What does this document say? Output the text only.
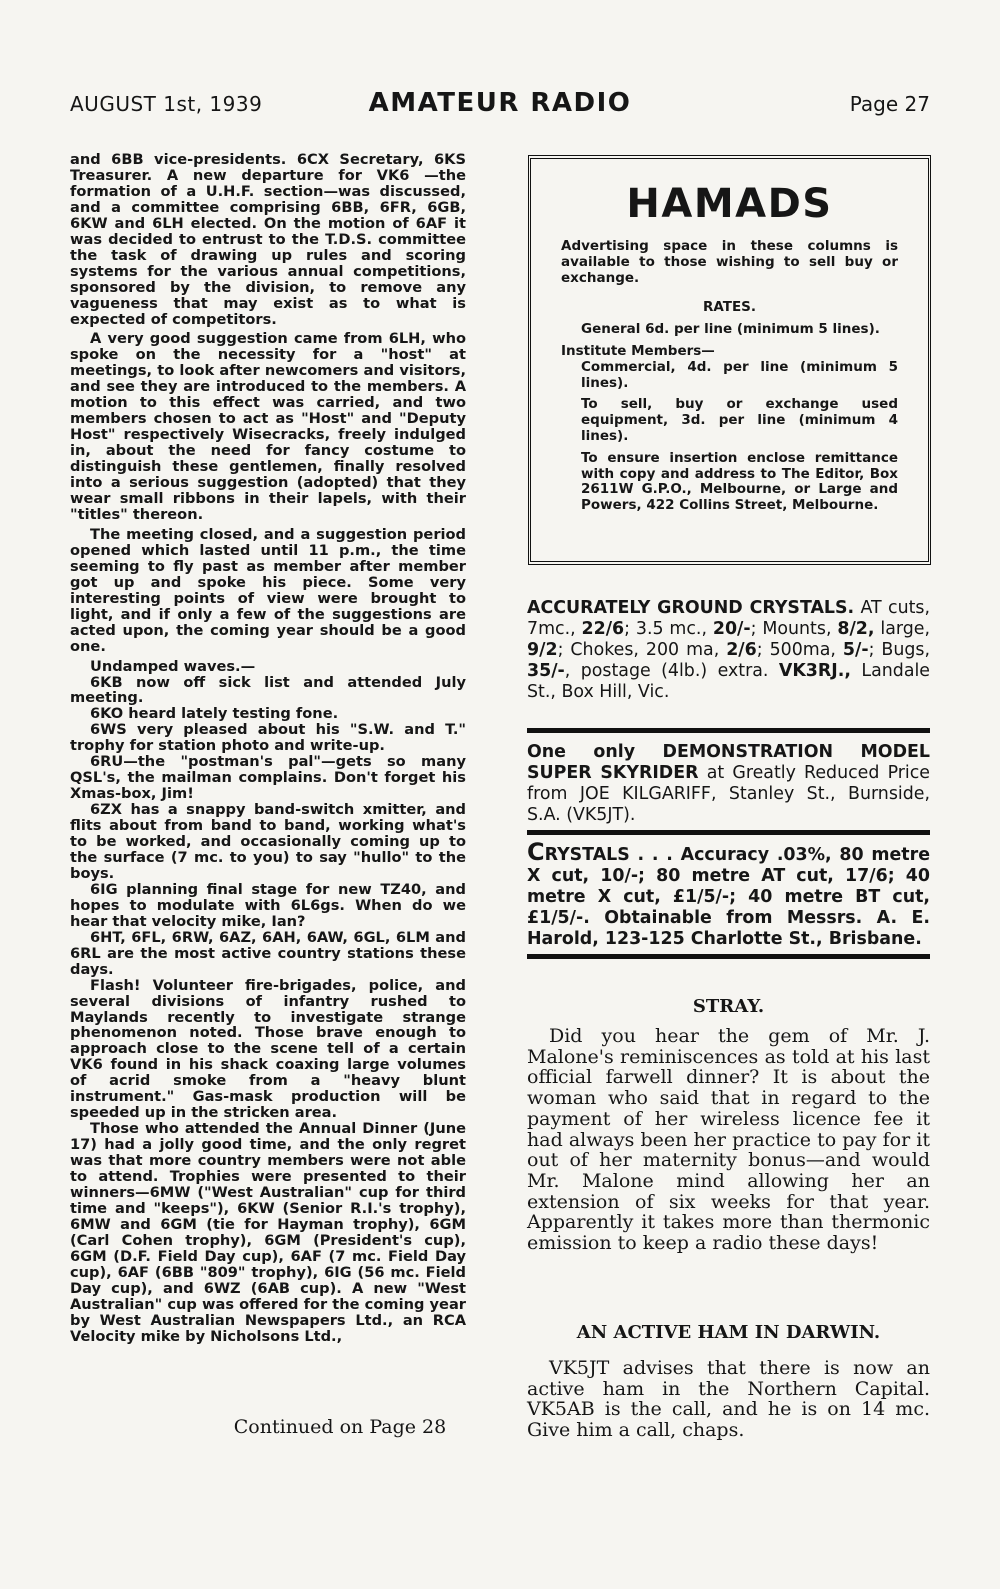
AUGUST 1st, 1939	AMATEUR RADIO	Page 27

and 6BB vice-presidents. 6CX Secretary, 6KS Treasurer. A new departure for VK6 —the formation of a U.H.F. section—was discussed, and a committee comprising 6BB, 6FR, 6GB, 6KW and 6LH elected. On the motion of 6AF it was decided to entrust to the T.D.S. committee the task of drawing up rules and scoring systems for the various annual competitions, sponsored by the division, to remove any vagueness that may exist as to what is expected of competitors.

A very good suggestion came from 6LH, who spoke on the necessity for a "host" at meetings, to look after newcomers and visitors, and see they are introduced to the members. A motion to this effect was carried, and two members chosen to act as "Host" and "Deputy Host" respectively Wisecracks, freely indulged in, about the need for fancy costume to distinguish these gentlemen, finally resolved into a serious suggestion (adopted) that they wear small ribbons in their lapels, with their "titles" thereon.

The meeting closed, and a suggestion period opened which lasted until 11 p.m., the time seeming to fly past as member after member got up and spoke his piece. Some very interesting points of view were brought to light, and if only a few of the suggestions are acted upon, the coming year should be a good one.

Undamped waves.—

6KB now off sick list and attended July meeting.

6KO heard lately testing fone.

6WS very pleased about his "S.W. and T." trophy for station photo and write-up.

6RU—the "postman's pal"—gets so many QSL's, the mailman complains. Don't forget his Xmas-box, Jim!

6ZX has a snappy band-switch xmitter, and flits about from band to band, working what's to be worked, and occasionally coming up to the surface (7 mc. to you) to say "hullo" to the boys.

6IG planning final stage for new TZ40, and hopes to modulate with 6L6gs. When do we hear that velocity mike, Ian?

6HT, 6FL, 6RW, 6AZ, 6AH, 6AW, 6GL, 6LM and 6RL are the most active country stations these days.

Flash! Volunteer fire-brigades, police, and several divisions of infantry rushed to Maylands recently to investigate strange phenomenon noted. Those brave enough to approach close to the scene tell of a certain VK6 found in his shack coaxing large volumes of acrid smoke from a "heavy blunt instrument." Gas-mask production will be speeded up in the stricken area.

Those who attended the Annual Dinner (June 17) had a jolly good time, and the only regret was that more country members were not able to attend. Trophies were presented to their winners—6MW ("West Australian" cup for third time and "keeps"), 6KW (Senior R.I.'s trophy), 6MW and 6GM (tie for Hayman trophy), 6GM (Carl Cohen trophy), 6GM (President's cup), 6GM (D.F. Field Day cup), 6AF (7 mc. Field Day cup), 6AF (6BB "809" trophy), 6IG (56 mc. Field Day cup), and 6WZ (6AB cup). A new "West Australian" cup was offered for the coming year by West Australian Newspapers Ltd., an RCA Velocity mike by Nicholsons Ltd.,

Continued on Page 28
HAMADS

Advertising space in these columns is available to those wishing to sell buy or exchange.

RATES.

General 6d. per line (minimum 5 lines).

Institute Members—

Commercial, 4d. per line (minimum 5 lines).

To sell, buy or exchange used equipment, 3d. per line (minimum 4 lines).

To ensure insertion enclose remittance with copy and address to The Editor, Box 2611W G.P.O., Melbourne, or Large and Powers, 422 Collins Street, Melbourne.

ACCURATELY GROUND CRYSTALS. AT cuts, 7mc., 22/6; 3.5 mc., 20/-; Mounts, 8/2, large, 9/2; Chokes, 200 ma, 2/6; 500ma, 5/-; Bugs, 35/-, postage (4lb.) extra. VK3RJ., Landale St., Box Hill, Vic.
One only DEMONSTRATION MODEL SUPER SKYRIDER at Greatly Reduced Price from JOE KILGARIFF, Stanley St., Burnside, S.A. (VK5JT).
CRYSTALS . . . Accuracy .03%, 80 metre X cut, 10/-; 80 metre AT cut, 17/6; 40 metre X cut, £1/5/-; 40 metre BT cut, £1/5/-. Obtainable from Messrs. A. E. Harold, 123-125 Charlotte St., Brisbane.
STRAY.

Did you hear the gem of Mr. J. Malone's reminiscences as told at his last official farwell dinner? It is about the woman who said that in regard to the payment of her wireless licence fee it had always been her practice to pay for it out of her maternity bonus—and would Mr. Malone mind allowing her an extension of six weeks for that year. Apparently it takes more than thermonic emission to keep a radio these days!

AN ACTIVE HAM IN DARWIN.

VK5JT advises that there is now an active ham in the Northern Capital. VK5AB is the call, and he is on 14 mc. Give him a call, chaps.
